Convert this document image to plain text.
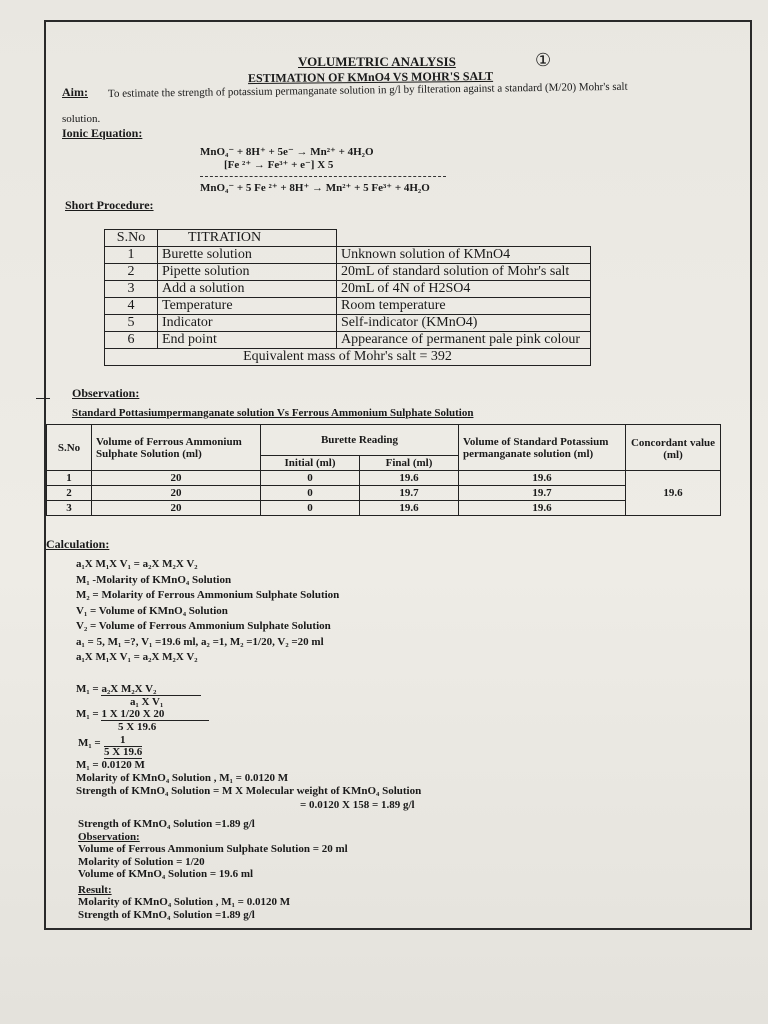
VOLUMETRIC ANALYSIS
ESTIMATION OF KMnO4 VS MOHR'S SALT
①
Aim: To estimate the strength of potassium permanganate solution in g/l by filteration against a standard (M/20) Mohr's salt
solution.
Ionic Equation:
MnO₄⁻ + 8H⁺ + 5e⁻ → Mn²⁺ + 4H₂O
[Fe ²⁺ → Fe³⁺ + e⁻] X 5
MnO₄⁻ + 5 Fe ²⁺ + 8H⁺ → Mn²⁺ + 5 Fe³⁺ + 4H₂O
Short Procedure:
S.No	TITRATION	
1	Burette solution	Unknown solution of KMnO4
2	Pipette solution	20mL of standard solution of Mohr's salt
3	Add a solution	20mL of 4N of H2SO4
4	Temperature	Room temperature
5	Indicator	Self-indicator (KMnO4)
6	End point	Appearance of permanent pale pink colour
Equivalent mass of Mohr's salt = 392		
Observation:
Standard Pottasiumpermanganate solution Vs Ferrous Ammonium Sulphate Solution
S.No	Volume of Ferrous Ammonium Sulphate Solution (ml)	Burette Reading		Volume of Standard Potassium permanganate solution (ml)	Concordant value (ml)
		Initial (ml)	Final (ml)		
1	20	0	19.6	19.6	19.6
2	20	0	19.7	19.7	
3	20	0	19.6	19.6	
Calculation:
a₁X M₁X V₁ = a₂X M₂X V₂
M₁ -Molarity of KMnO₄ Solution
M₂ = Molarity of Ferrous Ammonium Sulphate Solution
V₁ = Volume of KMnO₄ Solution
V₂ = Volume of Ferrous Ammonium Sulphate Solution
a₁ = 5, M₁ =?, V₁ =19.6 ml, a₂ =1, M₂ =1/20, V₂ =20 ml
a₁X M₁X V₁ = a₂X M₂X V₂
M₁ = a₂X M₂X V₂
a₁ X V₁
M₁ = 1 X 1/20 X 20
5 X 19.6
M₁ = 1
5 X 19.6
M₁ = 0.0120 M
Molarity of KMnO₄ Solution , M₁ = 0.0120 M
Strength of KMnO₄ Solution = M X Molecular weight of KMnO₄ Solution
= 0.0120 X 158 = 1.89 g/l
Strength of KMnO₄ Solution =1.89 g/l
Observation:
Volume of Ferrous Ammonium Sulphate Solution = 20 ml
Molarity of Solution = 1/20
Volume of KMnO₄ Solution = 19.6 ml
Result:
Molarity of KMnO₄ Solution , M₁ = 0.0120 M
Strength of KMnO₄ Solution =1.89 g/l
